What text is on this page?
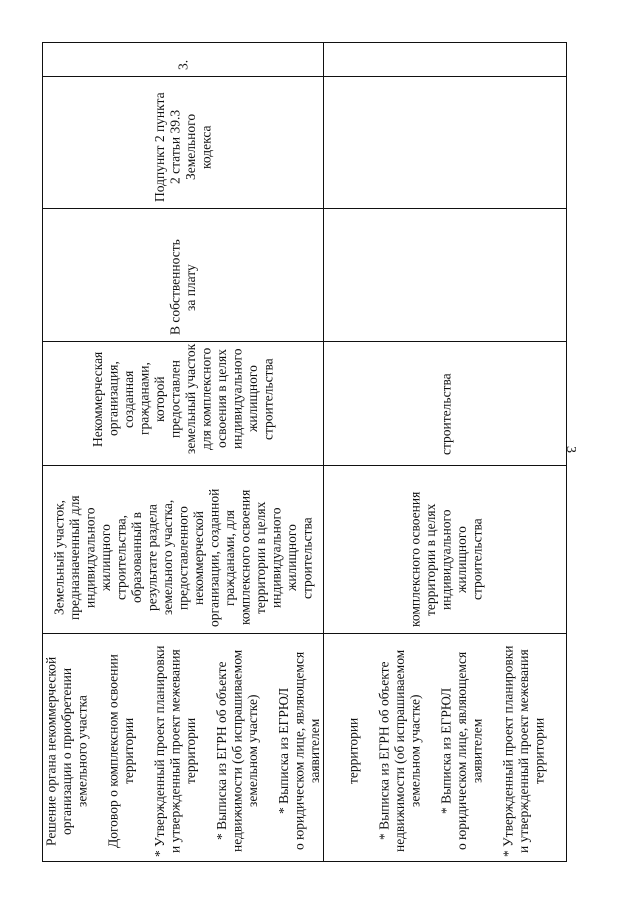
3
строительства
комплексного освоения
территории в целях
индивидуального
жилищного
строительства
территории

* Выписка из ЕГРН об объекте
недвижимости (об испрашиваемом
земельном участке)

* Выписка из ЕГРЮЛ
о юридическом лице, являющемся
заявителем

* Утвержденный проект планировки
и утвержденный проект межевания
территории
3.
Подпункт 2 пункта
2 статьи 39.3
Земельного
кодекса
В собственность
за плату
Некоммерческая
организация,
созданная
гражданами, которой
предоставлен
земельный участок
для комплексного
освоения в целях
индивидуального
жилищного
строительства
Земельный участок,
предназначенный для
индивидуального
жилищного
строительства,
образованный в
результате раздела
земельного участка,
предоставленного
некоммерческой
организации, созданной
гражданами, для
комплексного освоения
территории в целях
индивидуального
жилищного
строительства
Решение органа некоммерческой
организации о приобретении
земельного участка

Договор о комплексном освоении
территории

* Утвержденный проект планировки
и утвержденный проект межевания
территории

* Выписка из ЕГРН об объекте
недвижимости (об испрашиваемом
земельном участке)

* Выписка из ЕГРЮЛ
о юридическом лице, являющемся
заявителем
